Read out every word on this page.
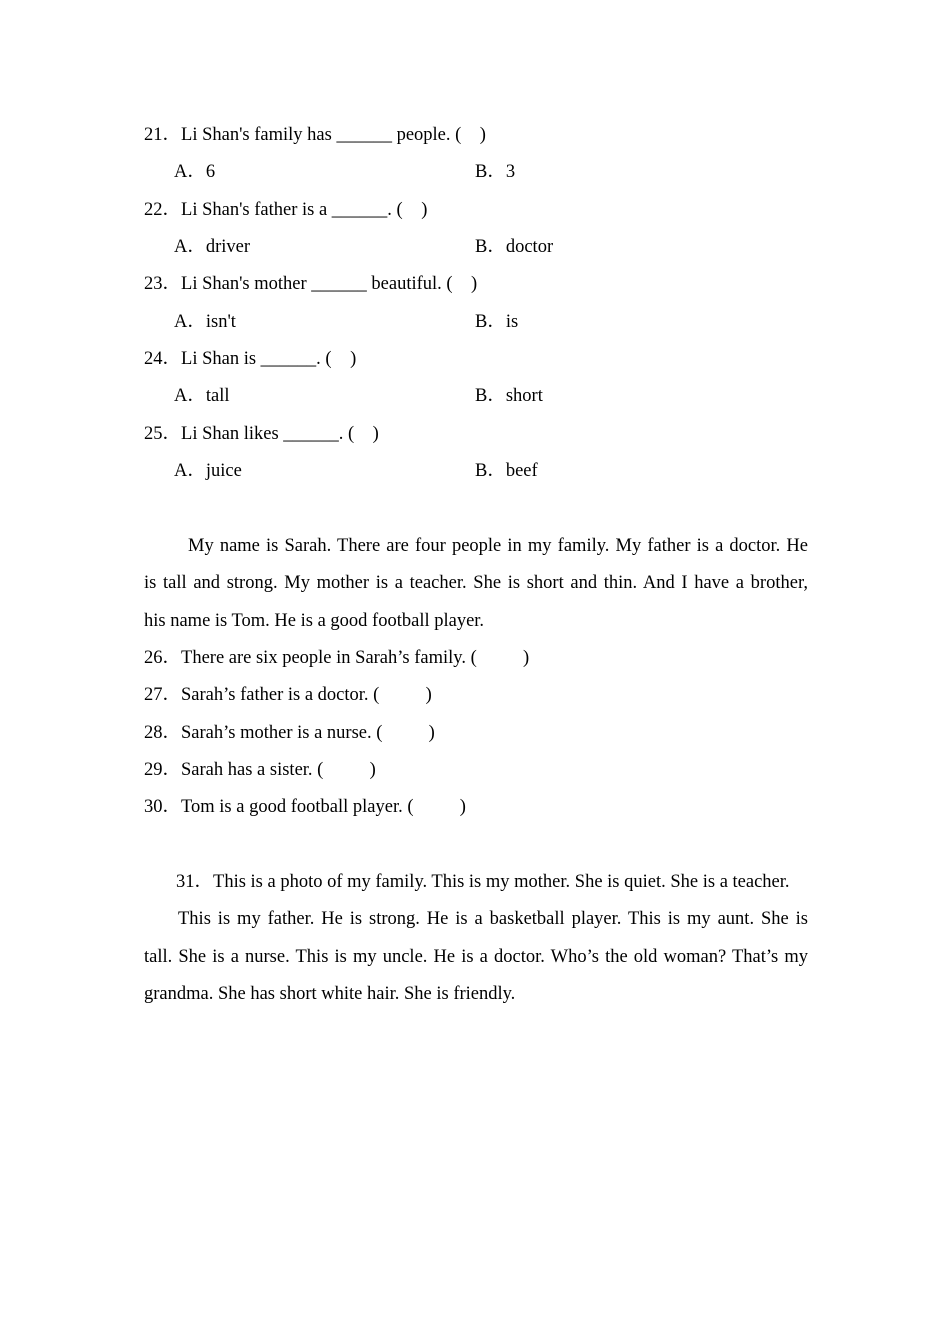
21．Li Shan's family has ______ people. (    )
A．6	B．3
22．Li Shan's father is a ______. (    )
A．driver	B．doctor
23．Li Shan's mother ______ beautiful. (    )
A．isn't	B．is
24．Li Shan is ______. (    )
A．tall	B．short
25．Li Shan likes ______. (    )
A．juice	B．beef
My name is Sarah. There are four people in my family. My father is a doctor. He
is tall and strong. My mother is a teacher. She is short and thin. And I have a brother,
his name is Tom. He is a good football player.
26．There are six people in Sarah’s family. (          )
27．Sarah’s father is a doctor. (          )
28．Sarah’s mother is a nurse. (          )
29．Sarah has a sister. (          )
30．Tom is a good football player. (          )
31．This is a photo of my family. This is my mother. She is quiet. She is a teacher.
This is my father. He is strong. He is a basketball player. This is my aunt. She is
tall. She is a nurse. This is my uncle. He is a doctor. Who’s the old woman? That’s my
grandma. She has short white hair. She is friendly.
